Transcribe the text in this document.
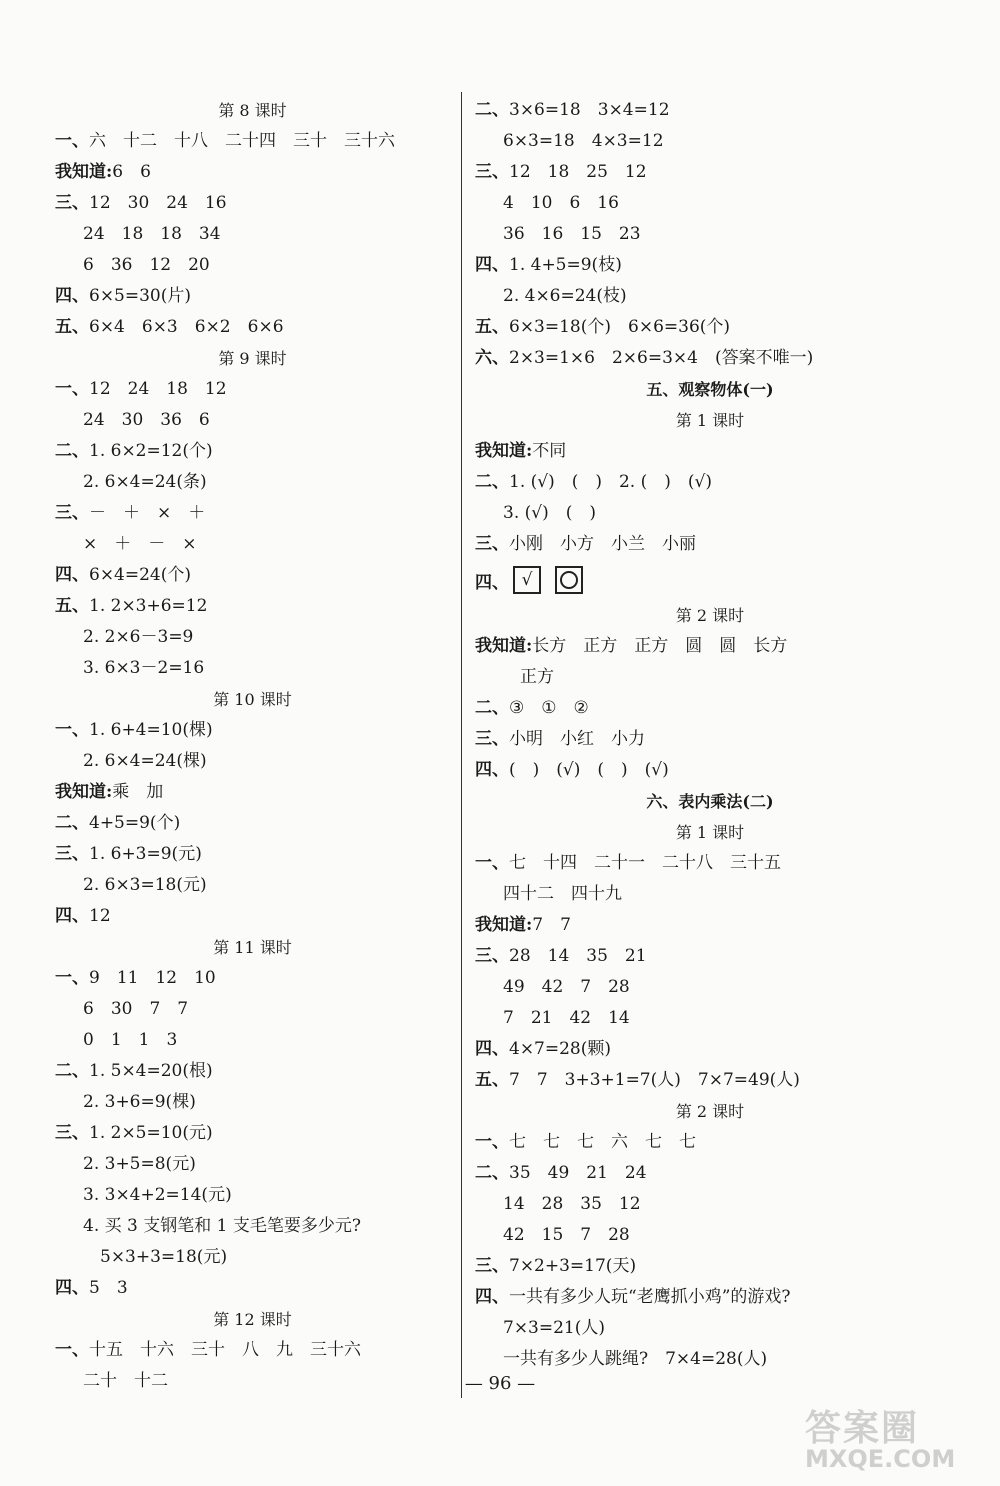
第 8 课时
一、六　十二　十八　二十四　三十　三十六
我知道:6　6
三、12　30　24　16
24　18　18　34
6　36　12　20
四、6×5=30(片)
五、6×4　6×3　6×2　6×6
第 9 课时
一、12　24　18　12
24　30　36　6
二、1. 6×2=12(个)
2. 6×4=24(条)
三、－　＋　×　＋
×　＋　－　×
四、6×4=24(个)
五、1. 2×3+6=12
2. 2×6－3=9
3. 6×3－2=16
第 10 课时
一、1. 6+4=10(棵)
2. 6×4=24(棵)
我知道:乘　加
二、4+5=9(个)
三、1. 6+3=9(元)
2. 6×3=18(元)
四、12
第 11 课时
一、9　11　12　10
6　30　7　7
0　1　1　3
二、1. 5×4=20(根)
2. 3+6=9(棵)
三、1. 2×5=10(元)
2. 3+5=8(元)
3. 3×4+2=14(元)
4. 买 3 支钢笔和 1 支毛笔要多少元?
　5×3+3=18(元)
四、5　3
第 12 课时
一、十五　十六　三十　八　九　三十六
二十　十二
二、3×6=18　3×4=12
6×3=18　4×3=12
三、12　18　25　12
4　10　6　16
36　16　15　23
四、1. 4+5=9(枝)
2. 4×6=24(枝)
五、6×3=18(个)　6×6=36(个)
六、2×3=1×6　2×6=3×4　(答案不唯一)
五、观察物体(一)
第 1 课时
我知道:不同
二、1. (√)　(　)　2. (　)　(√)
3. (√)　(　)
三、小刚　小方　小兰　小丽
四、 √
第 2 课时
我知道:长方　正方　正方　圆　圆　长方
　正方
二、③　①　②
三、小明　小红　小力
四、(　)　(√)　(　)　(√)
六、表内乘法(二)
第 1 课时
一、七　十四　二十一　二十八　三十五
四十二　四十九
我知道:7　7
三、28　14　35　21
49　42　7　28
7　21　42　14
四、4×7=28(颗)
五、7　7　3+3+1=7(人)　7×7=49(人)
第 2 课时
一、七　七　七　六　七　七
二、35　49　21　24
14　28　35　12
42　15　7　28
三、7×2+3=17(天)
四、一共有多少人玩“老鹰抓小鸡”的游戏?
7×3=21(人)
一共有多少人跳绳?　7×4=28(人)
— 96 —
答案圈
MXQE.COM
